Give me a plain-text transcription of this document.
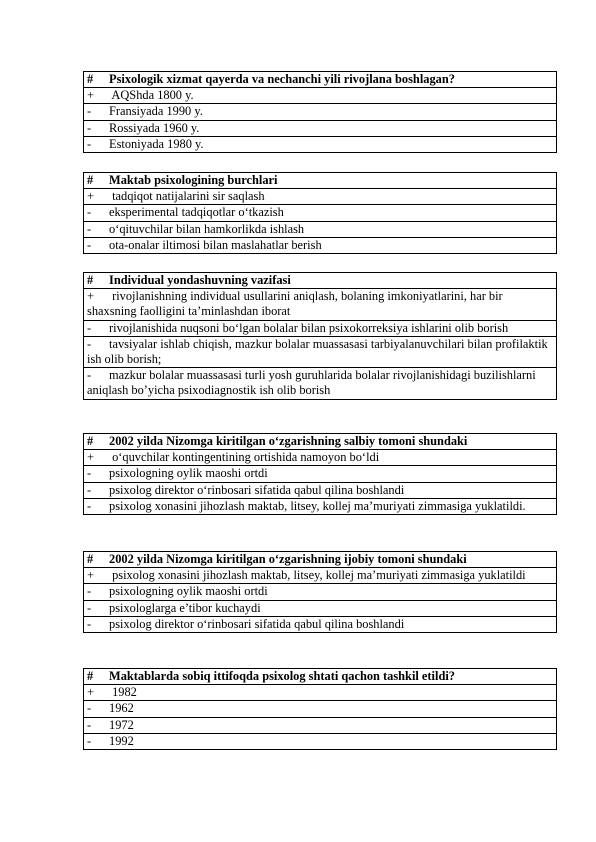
# Psixologik xizmat qayerda va nechanchi yili rivojlana boshlagan?
+ AQShda 1800 y.
- Fransiyada 1990 y.
- Rossiyada 1960 y.
- Estoniyada 1980 y.
# Maktab psixologining burchlari
+ tadqiqot natijalarini sir saqlash
- eksperimental tadqiqotlar o‘tkazish
- o‘qituvchilar bilan hamkorlikda ishlash
- ota-onalar iltimosi bilan maslahatlar berish
# Individual yondashuvning vazifasi
+ rivojlanishning individual usullarini aniqlash, bolaning imkoniyatlarini, har bir shaxsning faolligini ta’minlashdan iborat
- rivojlanishida nuqsoni bo‘lgan bolalar bilan psixokorreksiya ishlarini olib borish
- tavsiyalar ishlab chiqish, mazkur bolalar muassasasi tarbiyalanuvchilari bilan profilaktik ish olib borish;
- mazkur bolalar muassasasi turli yosh guruhlarida bolalar rivojlanishidagi buzilishlarni aniqlash bo’yicha psixodiagnostik ish olib borish
# 2002 yilda Nizomga kiritilgan o‘zgarishning salbiy tomoni shundaki
+ o‘quvchilar kontingentining ortishida namoyon bo‘ldi
- psixologning oylik maoshi ortdi
- psixolog direktor o‘rinbosari sifatida qabul qilina boshlandi
- psixolog xonasini jihozlash maktab, litsey, kollej ma’muriyati zimmasiga yuklatildi.
# 2002 yilda Nizomga kiritilgan o‘zgarishning ijobiy tomoni shundaki
+ psixolog xonasini jihozlash maktab, litsey, kollej ma’muriyati zimmasiga yuklatildi
- psixologning oylik maoshi ortdi
- psixologlarga e’tibor kuchaydi
- psixolog direktor o‘rinbosari sifatida qabul qilina boshlandi
# Maktablarda sobiq ittifoqda psixolog shtati qachon tashkil etildi?
+ 1982
- 1962
- 1972
- 1992
